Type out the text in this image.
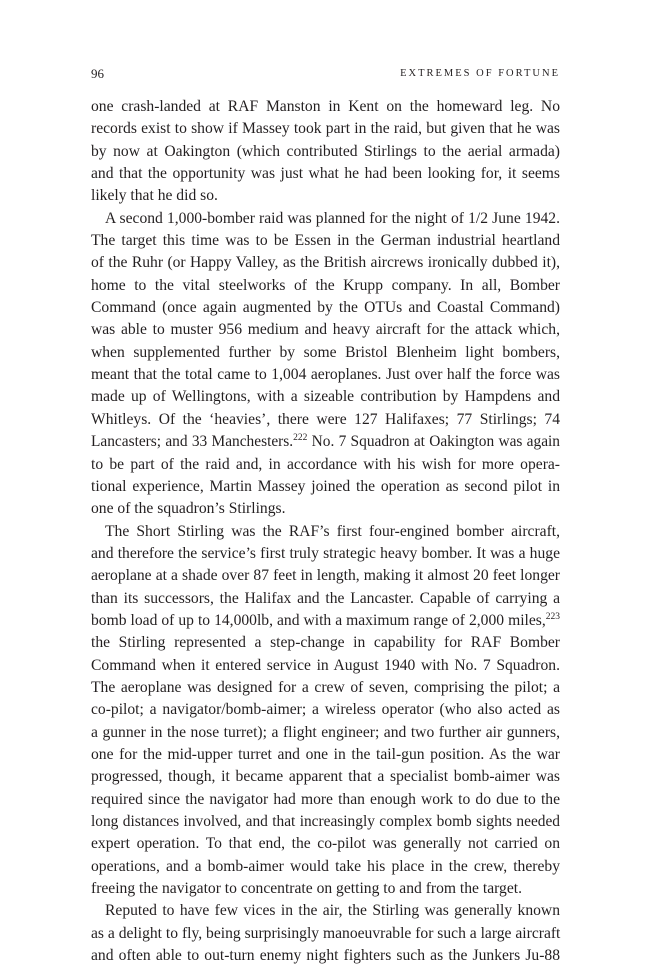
96	EXTREMES OF FORTUNE
one crash-landed at RAF Manston in Kent on the homeward leg. No
records exist to show if Massey took part in the raid, but given that he was
by now at Oakington (which contributed Stirlings to the aerial armada)
and that the opportunity was just what he had been looking for, it seems
likely that he did so.
A second 1,000-bomber raid was planned for the night of 1/2 June 1942.
The target this time was to be Essen in the German industrial heartland
of the Ruhr (or Happy Valley, as the British aircrews ironically dubbed it),
home to the vital steelworks of the Krupp company. In all, Bomber
Command (once again augmented by the OTUs and Coastal Command)
was able to muster 956 medium and heavy aircraft for the attack which,
when supplemented further by some Bristol Blenheim light bombers,
meant that the total came to 1,004 aeroplanes. Just over half the force was
made up of Wellingtons, with a sizeable contribution by Hampdens and
Whitleys. Of the ‘heavies’, there were 127 Halifaxes; 77 Stirlings; 74
Lancasters; and 33 Manchesters.$^{222}$ No. 7 Squadron at Oakington was again
to be part of the raid and, in accordance with his wish for more opera-
tional experience, Martin Massey joined the operation as second pilot in
one of the squadron’s Stirlings.
The Short Stirling was the RAF’s first four-engined bomber aircraft,
and therefore the service’s first truly strategic heavy bomber. It was a huge
aeroplane at a shade over 87 feet in length, making it almost 20 feet longer
than its successors, the Halifax and the Lancaster. Capable of carrying a
bomb load of up to 14,000lb, and with a maximum range of 2,000 miles,$^{223}$
the Stirling represented a step-change in capability for RAF Bomber
Command when it entered service in August 1940 with No. 7 Squadron.
The aeroplane was designed for a crew of seven, comprising the pilot; a
co-pilot; a navigator/bomb-aimer; a wireless operator (who also acted as
a gunner in the nose turret); a flight engineer; and two further air gunners,
one for the mid-upper turret and one in the tail-gun position. As the war
progressed, though, it became apparent that a specialist bomb-aimer was
required since the navigator had more than enough work to do due to the
long distances involved, and that increasingly complex bomb sights needed
expert operation. To that end, the co-pilot was generally not carried on
operations, and a bomb-aimer would take his place in the crew, thereby
freeing the navigator to concentrate on getting to and from the target.
Reputed to have few vices in the air, the Stirling was generally known
as a delight to fly, being surprisingly manoeuvrable for such a large aircraft
and often able to out-turn enemy night fighters such as the Junkers Ju-88
